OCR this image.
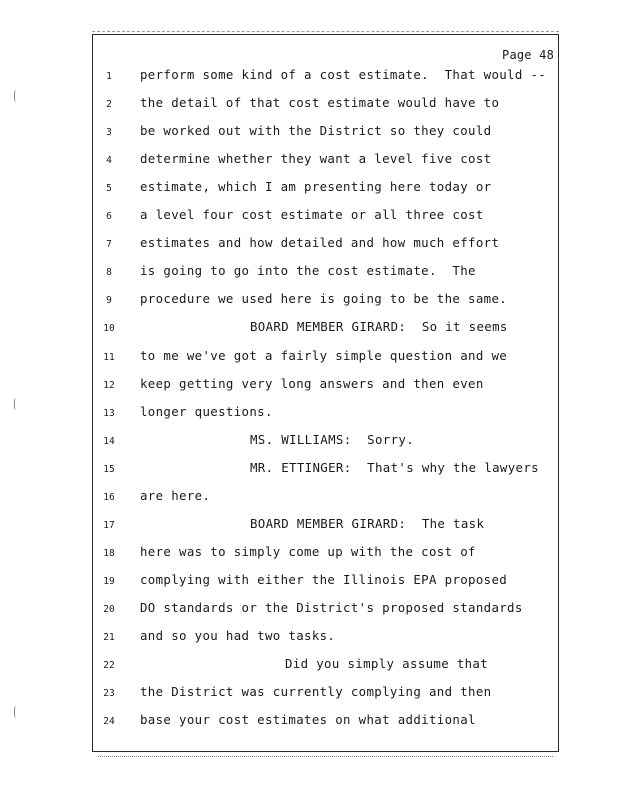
Page 48
1	perform some kind of a cost estimate.  That would --
2	the detail of that cost estimate would have to
3	be worked out with the District so they could
4	determine whether they want a level five cost
5	estimate, which I am presenting here today or
6	a level four cost estimate or all three cost
7	estimates and how detailed and how much effort
8	is going to go into the cost estimate.  The
9	procedure we used here is going to be the same.
10	BOARD MEMBER GIRARD:  So it seems
11	to me we've got a fairly simple question and we
12	keep getting very long answers and then even
13	longer questions.
14	MS. WILLIAMS:  Sorry.
15	MR. ETTINGER:  That's why the lawyers
16	are here.
17	BOARD MEMBER GIRARD:  The task
18	here was to simply come up with the cost of
19	complying with either the Illinois EPA proposed
20	DO standards or the District's proposed standards
21	and so you had two tasks.
22	Did you simply assume that
23	the District was currently complying and then
24	base your cost estimates on what additional
